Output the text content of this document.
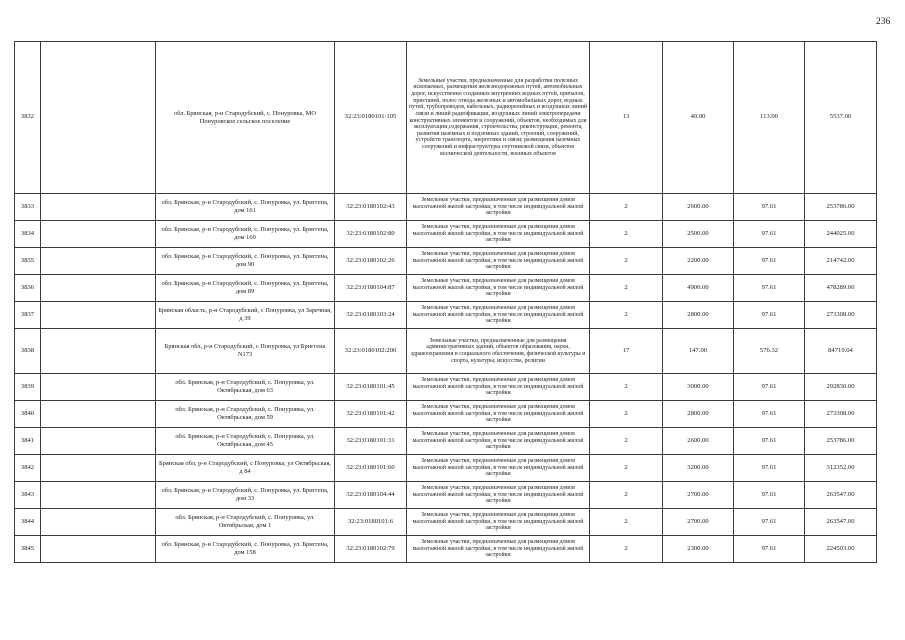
236
3832		обл. Брянская, р-н Стародубский, с. Понуровка, МО Понуровское сельское поселение	32:23:0180101:105	Земельные участки, предназначенные для разработки полезных ископаемых, размещения железнодорожных путей, автомобильных дорог, искусственно созданных внутренних водных путей, причалов, пристаней, полос отвода железных и автомобильных дорог, водных путей, трубопроводов, кабельных, радиорелейных и воздушных линий связи и линий радиофикации, воздушных линий электропередачи конструктивных элементов и сооружений, объектов, необходимых для эксплуатации,содержания, строительства, реконструкции, ремонта, развития наземных и подземных зданий, строений, сооружений, устройств транспорта, энергетики и связи; размещения наземных сооружений и инфраструктуры спутниковой связи, объектов космической деятельности, военных объектов	13	49.00	113.00	5537.00
3833		обл. Брянская, р-н Стародубский, с. Понуровка, ул. Бриггена, дом 161	32:23:0180102:43	Земельные участки, предназначенные для размещения домов малоэтажной жилой застройки, в том числе индивидуальной жилой застройки	2	2600.00	97.61	253786.00
3834		обл. Брянская, р-н Стародубский, с. Понуровка, ул. Бриггена, дом 160	32:23:0180102:80	Земельные участки, предназначенные для размещения домов малоэтажной жилой застройки, в том числе индивидуальной жилой застройки	2	2500.00	97.61	244025.00
3835		обл. Брянская, р-н Стародубский, с. Понуровка, ул. Бриггена, дом 90	32:23:0180102:26	Земельные участки, предназначенные для размещения домов малоэтажной жилой застройки, в том числе индивидуальной жилой застройки	2	2200.00	97.61	214742.00
3836		обл. Брянская, р-н Стародубский, с. Понуровка, ул. Бриггена, дом 89	32:23:0180104:87	Земельные участки, предназначенные для размещения домов малоэтажной жилой застройки, в том числе индивидуальной жилой застройки	2	4900.00	97.61	478289.00
3837		Брянская область, р-н Стародубский, с Понуровка, ул Заречная, д 39	32:23:0180103:24	Земельные участки, предназначенные для размещения домов малоэтажной жилой застройки, в том числе индивидуальной жилой застройки	2	2800.00	97.61	273308.00
3838		Брянская обл, р-н Стародубский, с Понуровка, ул Бриггена N173	32:23:0180102:200	Земельные участки, предназначенные для размещения административных зданий, объектов образования, науки, здравоохранения и социального обеспечения, физической культуры и спорта, культуры, искусства, религии	17	147.00	576.32	84719.04
3839		обл. Брянская, р-н Стародубский, с. Понуровка, ул. Октябрьская, дом 63	32:23:0180101:45	Земельные участки, предназначенные для размещения домов малоэтажной жилой застройки, в том числе индивидуальной жилой застройки	2	3000.00	97.61	292830.00
3840		обл. Брянская, р-н Стародубский, с. Понуровка, ул. Октябрьская, дом 59	32:23:0180101:42	Земельные участки, предназначенные для размещения домов малоэтажной жилой застройки, в том числе индивидуальной жилой застройки	2	2800.00	97.61	273308.00
3841		обл. Брянская, р-н Стародубский, с. Понуровка, ул. Октябрьская, дом 45	32:23:0180101:31	Земельные участки, предназначенные для размещения домов малоэтажной жилой застройки, в том числе индивидуальной жилой застройки	2	2600.00	97.61	253786.00
3842		Брянская обл, р-н Стародубский, с Понуровка, ул Октябрьская, д 84	32:23:0180101:60	Земельные участки, предназначенные для размещения домов малоэтажной жилой застройки, в том числе индивидуальной жилой застройки	2	3200.00	97.61	312352.00
3843		обл. Брянская, р-н Стародубский, с. Понуровка, ул. Бриггена, дом 33	32:23:0180104:44	Земельные участки, предназначенные для размещения домов малоэтажной жилой застройки, в том числе индивидуальной жилой застройки	2	2700.00	97.61	263547.00
3844		обл. Брянская, р-н Стародубский, с. Понуровка, ул. Октябрьская, дом 1	32:23:0180101:6	Земельные участки, предназначенные для размещения домов малоэтажной жилой застройки, в том числе индивидуальной жилой застройки	2	2700.00	97.61	263547.00
3845		обл. Брянская, р-н Стародубский, с. Понуровка, ул. Бриггена, дом 158	32:23:0180102:79	Земельные участки, предназначенные для размещения домов малоэтажной жилой застройки, в том числе индивидуальной жилой застройки	2	2300.00	97.61	224503.00
